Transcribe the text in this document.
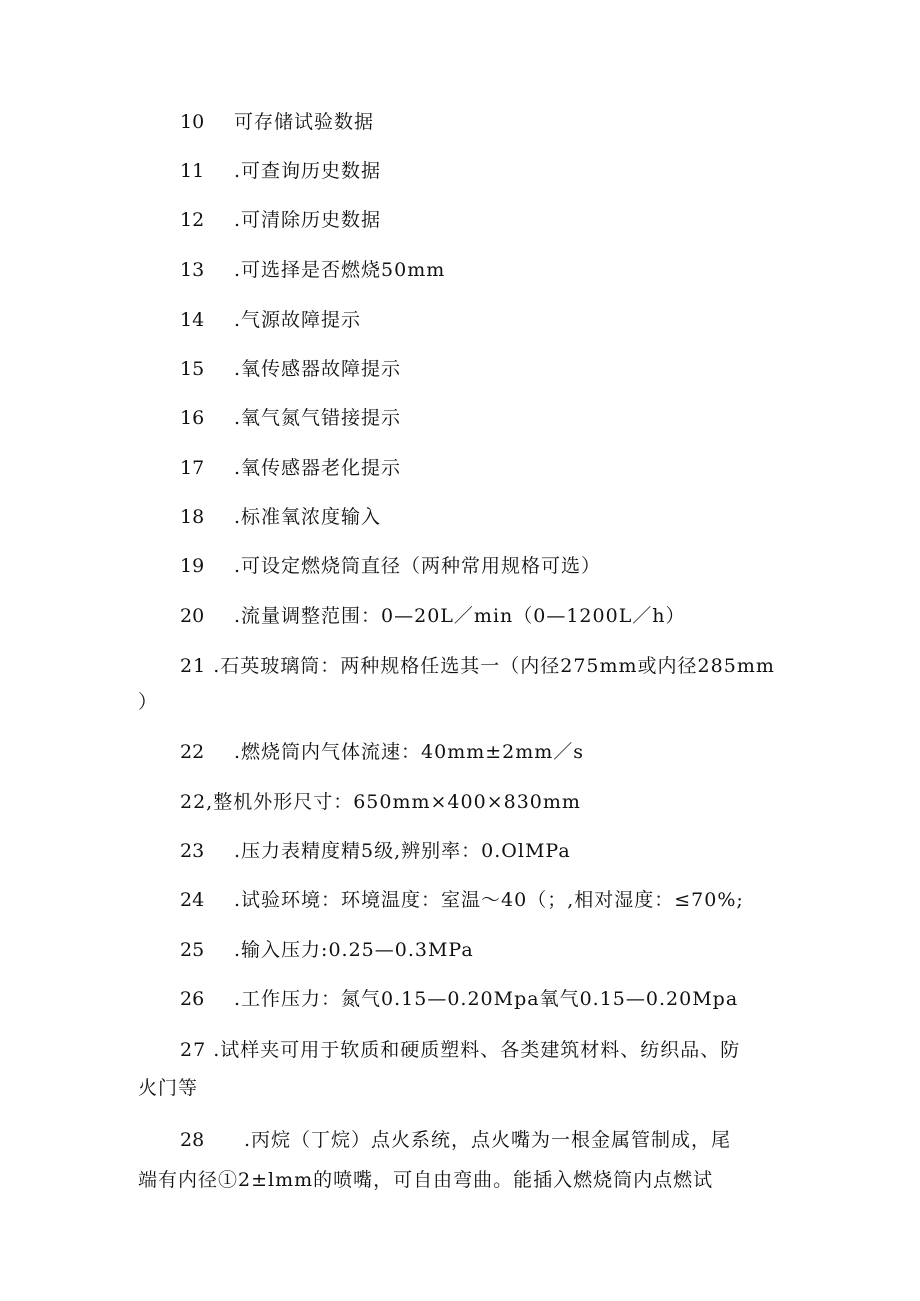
10 可存储试验数据
11 .可查询历史数据
12 .可清除历史数据
13 .可选择是否燃烧50mm
14 .气源故障提示
15 .氧传感器故障提示
16 .氧气氮气错接提示
17 .氧传感器老化提示
18 .标准氧浓度输入
19 .可设定燃烧筒直径（两种常用规格可选）
20 .流量调整范围：0—20L／min（0—1200L／h）
21 .石英玻璃筒：两种规格任选其一（内径275mm或内径285mm
）
22 .燃烧筒内气体流速：40mm±2mm／s
22,整机外形尺寸：650mm×400×830mm
23 .压力表精度精5级,辨别率：0.OlMPa
24 .试验环境：环境温度：室温～40（；,相对湿度：≤70%;
25 .输入压力:0.25—0.3MPa
26 .工作压力：氮气0.15—0.20Mpa氧气0.15—0.20Mpa
27 .试样夹可用于软质和硬质塑料、各类建筑材料、纺织品、防
火门等
28 .丙烷（丁烷）点火系统，点火嘴为一根金属管制成，尾
端有内径①2±lmm的喷嘴，可自由弯曲。能插入燃烧筒内点燃试
